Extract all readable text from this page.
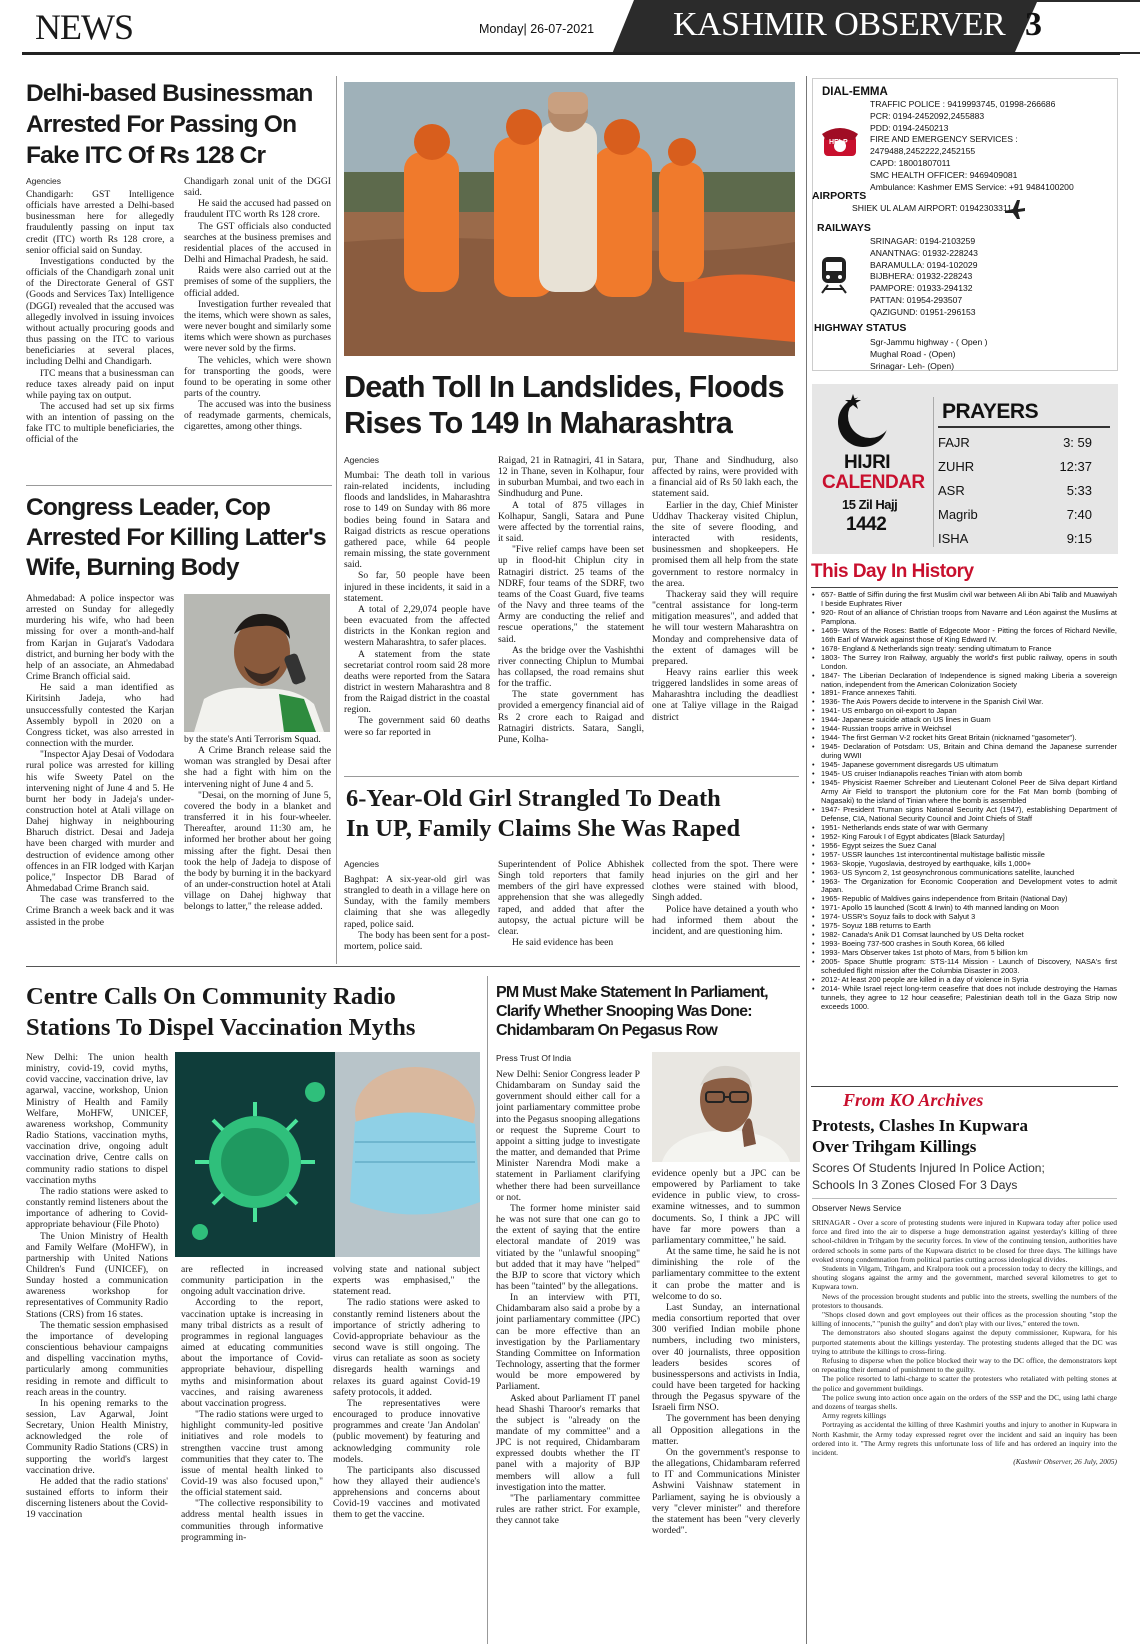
NEWS	Monday| 26-07-2021 KASHMIR OBSERVER 3
Delhi-based Businessman
Arrested For Passing On
Fake ITC Of Rs 128 Cr
Agencies

Chandigarh: GST Intelligence officials have arrested a Delhi-based businessman here for allegedly fraudulently passing on input tax credit (ITC) worth Rs 128 crore, a senior official said on Sunday.

Investigations conducted by the officials of the Chandigarh zonal unit of the Directorate General of GST (Goods and Services Tax) Intelligence (DGGI) revealed that the accused was allegedly involved in issuing invoices without actually procuring goods and thus passing on the ITC to various beneficiaries at several places, including Delhi and Chandigarh.

ITC means that a businessman can reduce taxes already paid on input while paying tax on output.

The accused had set up six firms with an intention of passing on the fake ITC to multiple beneficiaries, the official of the

Chandigarh zonal unit of the DGGI said.

He said the accused had passed on fraudulent ITC worth Rs 128 crore.

The GST officials also conducted searches at the business premises and residential places of the accused in Delhi and Himachal Pradesh, he said.

Raids were also carried out at the premises of some of the suppliers, the official added.

Investigation further revealed that the items, which were shown as sales, were never bought and similarly some items which were shown as purchases were never sold by the firms.

The vehicles, which were shown for transporting the goods, were found to be operating in some other parts of the country.

The accused was into the business of readymade garments, chemicals, cigarettes, among other things.

Congress Leader, Cop
Arrested For Killing Latter's
Wife, Burning Body

Ahmedabad: A police inspector was arrested on Sunday for allegedly murdering his wife, who had been missing for over a month-and-half from Karjan in Gujarat's Vadodara district, and burning her body with the help of an associate, an Ahmedabad Crime Branch official said.

He said a man identified as Kiritsinh Jadeja, who had unsuccessfully contested the Karjan Assembly bypoll in 2020 on a Congress ticket, was also arrested in connection with the murder.

"Inspector Ajay Desai of Vododara rural police was arrested for killing his wife Sweety Patel on the intervening night of June 4 and 5. He burnt her body in Jadeja's under-construction hotel at Atali village on Dahej highway in neighbouring Bharuch district. Desai and Jadeja have been charged with murder and destruction of evidence among other offences in an FIR lodged with Karjan police," Inspector DB Barad of Ahmedabad Crime Branch said.

The case was transferred to the Crime Branch a week back and it was assisted in the probe

by the state's Anti Terrorism Squad.

A Crime Branch release said the woman was strangled by Desai after she had a fight with him on the intervening night of June 4 and 5.

"Desai, on the morning of June 5, covered the body in a blanket and transferred it in his four-wheeler. Thereafter, around 11:30 am, he informed her brother about her going missing after the fight. Desai then took the help of Jadeja to dispose of the body by burning it in the backyard of an under-construction hotel at Atali village on Dahej highway that belongs to latter," the release added.

Death Toll In Landslides, Floods
Rises To 149 In Maharashtra
Agencies

Mumbai: The death toll in various rain-related incidents, including floods and landslides, in Maharashtra rose to 149 on Sunday with 86 more bodies being found in Satara and Raigad districts as rescue operations gathered pace, while 64 people remain missing, the state government said.

So far, 50 people have been injured in these incidents, it said in a statement.

A total of 2,29,074 people have been evacuated from the affected districts in the Konkan region and western Maharashtra, to safer places.

A statement from the state secretariat control room said 28 more deaths were reported from the Satara district in western Maharashtra and 8 from the Raigad district in the coastal region.

The government said 60 deaths were so far reported in

Raigad, 21 in Ratnagiri, 41 in Satara, 12 in Thane, seven in Kolhapur, four in suburban Mumbai, and two each in Sindhudurg and Pune.

A total of 875 villages in Kolhapur, Sangli, Satara and Pune were affected by the torrential rains, it said.

"Five relief camps have been set up in flood-hit Chiplun city in Ratnagiri district. 25 teams of the NDRF, four teams of the SDRF, two teams of the Coast Guard, five teams of the Navy and three teams of the Army are conducting the relief and rescue operations," the statement said.

As the bridge over the Vashishthi river connecting Chiplun to Mumbai has collapsed, the road remains shut for the traffic.

The state government has provided a emergency financial aid of Rs 2 crore each to Raigad and Ratnagiri districts. Satara, Sangli, Pune, Kolha-

pur, Thane and Sindhudurg, also affected by rains, were provided with a financial aid of Rs 50 lakh each, the statement said.

Earlier in the day, Chief Minister Uddhav Thackeray visited Chiplun, the site of severe flooding, and interacted with residents, businessmen and shopkeepers. He promised them all help from the state government to restore normalcy in the area.

Thackeray said they will require "central assistance for long-term mitigation measures", and added that he will tour western Maharashtra on Monday and comprehensive data of the extent of damages will be prepared.

Heavy rains earlier this week triggered landslides in some areas of Maharashtra including the deadliest one at Taliye village in the Raigad district

6-Year-Old Girl Strangled To Death
In UP, Family Claims She Was Raped
Agencies

Baghpat: A six-year-old girl was strangled to death in a village here on Sunday, with the family members claiming that she was allegedly raped, police said.

The body has been sent for a post-mortem, police said.

Superintendent of Police Abhishek Singh told reporters that family members of the girl have expressed apprehension that she was allegedly raped, and added that after the autopsy, the actual picture will be clear.

He said evidence has been

collected from the spot. There were head injuries on the girl and her clothes were stained with blood, Singh added.

Police have detained a youth who had informed them about the incident, and are questioning him.

Centre Calls On Community Radio
Stations To Dispel Vaccination Myths

New Delhi: The union health ministry, covid-19, covid myths, covid vaccine, vaccination drive, lav agarwal, vaccine, workshop, Union Ministry of Health and Family Welfare, MoHFW, UNICEF, awareness workshop, Community Radio Stations, vaccination myths, vaccination drive, ongoing adult vaccination drive, Centre calls on community radio stations to dispel vaccination myths

The radio stations were asked to constantly remind listeners about the importance of adhering to Covid-appropriate behaviour (File Photo)

The Union Ministry of Health and Family Welfare (MoHFW), in partnership with United Nations Children's Fund (UNICEF), on Sunday hosted a communication awareness workshop for representatives of Community Radio Stations (CRS) from 16 states.

The thematic session emphasised the importance of developing conscientious behaviour campaigns and dispelling vaccination myths, particularly among communities residing in remote and difficult to reach areas in the country.

In his opening remarks to the session, Lav Agarwal, Joint Secretary, Union Health Ministry, acknowledged the role of Community Radio Stations (CRS) in supporting the world's largest vaccination drive.

He added that the radio stations' sustained efforts to inform their discerning listeners about the Covid-19 vaccination

are reflected in increased community participation in the ongoing adult vaccination drive.

According to the report, vaccination uptake is increasing in many tribal districts as a result of programmes in regional languages aimed at educating communities about the importance of Covid-appropriate behaviour, dispelling myths and misinformation about vaccines, and raising awareness about vaccination progress.

"The radio stations were urged to highlight community-led positive initiatives and role models to strengthen vaccine trust among communities that they cater to. The issue of mental health linked to Covid-19 was also focused upon," the official statement said.

"The collective responsibility to address mental health issues in communities through informative programming in-

volving state and national subject experts was emphasised," the statement read.

The radio stations were asked to constantly remind listeners about the importance of strictly adhering to Covid-appropriate behaviour as the second wave is still ongoing. The virus can retaliate as soon as society disregards health warnings and relaxes its guard against Covid-19 safety protocols, it added.

The representatives were encouraged to produce innovative programmes and create 'Jan Andolan' (public movement) by featuring and acknowledging community role models.

The participants also discussed how they allayed their audience's apprehensions and concerns about Covid-19 vaccines and motivated them to get the vaccine.

PM Must Make Statement In Parliament,
Clarify Whether Snooping Was Done:
Chidambaram On Pegasus Row
Press Trust Of India

New Delhi: Senior Congress leader P Chidambaram on Sunday said the government should either call for a joint parliamentary committee probe into the Pegasus snooping allegations or request the Supreme Court to appoint a sitting judge to investigate the matter, and demanded that Prime Minister Narendra Modi make a statement in Parliament clarifying whether there had been surveillance or not.

The former home minister said he was not sure that one can go to the extent of saying that the entire electoral mandate of 2019 was vitiated by the "unlawful snooping" but added that it may have "helped" the BJP to score that victory which has been "tainted" by the allegations.

In an interview with PTI, Chidambaram also said a probe by a joint parliamentary committee (JPC) can be more effective than an investigation by the Parliamentary Standing Committee on Information Technology, asserting that the former would be more empowered by Parliament.

Asked about Parliament IT panel head Shashi Tharoor's remarks that the subject is "already on the mandate of my committee" and a JPC is not required, Chidambaram expressed doubts whether the IT panel with a majority of BJP members will allow a full investigation into the matter.

"The parliamentary committee rules are rather strict. For example, they cannot take

evidence openly but a JPC can be empowered by Parliament to take evidence in public view, to cross-examine witnesses, and to summon documents. So, I think a JPC will have far more powers than a parliamentary committee," he said.

At the same time, he said he is not diminishing the role of the parliamentary committee to the extent it can probe the matter and is welcome to do so.

Last Sunday, an international media consortium reported that over 300 verified Indian mobile phone numbers, including two ministers, over 40 journalists, three opposition leaders besides scores of businesspersons and activists in India, could have been targeted for hacking through the Pegasus spyware of the Israeli firm NSO.

The government has been denying all Opposition allegations in the matter.

On the government's response to the allegations, Chidambaram referred to IT and Communications Minister Ashwini Vaishnaw statement in Parliament, saying he is obviously a very "clever minister" and therefore the statement has been "very cleverly worded".

DIAL-EMMA
HELP
TRAFFIC POLICE : 9419993745, 01998-266686
PCR: 0194-2452092,2455883
PDD: 0194-2450213
FIRE AND EMERGENCY SERVICES :
2479488,2452222,2452155
CAPD: 18001807011
SMC HEALTH OFFICER: 9469409081
Ambulance: Kashmer EMS Service: +91 9484100200
AIRPORTS
SHIEK UL ALAM AIRPORT: 01942303311
RAILWAYS
SRINAGAR: 0194-2103259
ANANTNAG: 01932-228243
BARAMULLA: 0194-102029
BIJBHERA: 01932-228243
PAMPORE: 01933-294132
PATTAN: 01954-293507
QAZIGUND: 01951-296153
HIGHWAY STATUS
Sgr-Jammu highway - ( Open )
Mughal Road - (Open)
Srinagar- Leh- (Open)
HIJRI
CALENDAR
15 Zil Hajj
1442
PRAYERS
FAJR	3: 59
ZUHR	12:37
ASR	5:33
Magrib	7:40
ISHA	9:15
This Day In History
• 657- Battle of Siffin during the first Muslim civil war between Ali ibn Abi Talib and Muawiyah I beside Euphrates River
• 920- Rout of an alliance of Christian troops from Navarre and Léon against the Muslims at Pamplona.
• 1469- Wars of the Roses: Battle of Edgecote Moor - Pitting the forces of Richard Neville, 16th Earl of Warwick against those of King Edward IV.
• 1678- England & Netherlands sign treaty: sending ultimatum to France
• 1803- The Surrey Iron Railway, arguably the world's first public railway, opens in south London.
• 1847- The Liberian Declaration of Independence is signed making Liberia a sovereign nation, independent from the American Colonization Society
• 1891- France annexes Tahiti.
• 1936- The Axis Powers decide to intervene in the Spanish Civil War.
• 1941- US embargo on oil-export to Japan
• 1944- Japanese suicide attack on US lines in Guam
• 1944- Russian troops arrive in Weichsel
• 1944- The first German V-2 rocket hits Great Britain (nicknamed "gasometer").
• 1945- Declaration of Potsdam: US, Britain and China demand the Japanese surrender during WWII
• 1945- Japanese government disregards US ultimatum
• 1945- US cruiser Indianapolis reaches Tinian with atom bomb
• 1945- Physicist Raemer Schreiber and Lieutenant Colonel Peer de Silva depart Kirtland Army Air Field to transport the plutonium core for the Fat Man bomb (bombing of Nagasaki) to the island of Tinian where the bomb is assembled
• 1947- President Truman signs National Security Act (1947), establishing Department of Defense, CIA, National Security Council and Joint Chiefs of Staff
• 1951- Netherlands ends state of war with Germany
• 1952- King Farouk I of Egypt abdicates [Black Saturday]
• 1956- Egypt seizes the Suez Canal
• 1957- USSR launches 1st intercontinental multistage ballistic missile
• 1963- Skopje, Yugoslavia, destroyed by earthquake, kills 1,000+
• 1963- US Syncom 2, 1st geosynchronous communications satellite, launched
• 1963- The Organization for Economic Cooperation and Development votes to admit Japan.
• 1965- Republic of Maldives gains independence from Britain (National Day)
• 1971- Apollo 15 launched (Scott & Irwin) to 4th manned landing on Moon
• 1974- USSR's Soyuz fails to dock with Salyut 3
• 1975- Soyuz 18B returns to Earth
• 1982- Canada's Anik D1 Comsat launched by US Delta rocket
• 1993- Boeing 737-500 crashes in South Korea, 66 killed
• 1993- Mars Observer takes 1st photo of Mars, from 5 billion km
• 2005- Space Shuttle program: STS-114 Mission - Launch of Discovery, NASA's first scheduled flight mission after the Columbia Disaster in 2003.
• 2012- At least 200 people are killed in a day of violence in Syria
• 2014- While Israel reject long-term ceasefire that does not include destroying the Hamas tunnels, they agree to 12 hour ceasefire; Palestinian death toll in the Gaza Strip now exceeds 1000.
From KO Archives
Protests, Clashes In Kupwara
Over Trihgam Killings
Scores Of Students Injured In Police Action;
Schools In 3 Zones Closed For 3 Days
Observer News Service

SRINAGAR - Over a score of protesting students were injured in Kupwara today after police used force and fired into the air to disperse a huge demonstration against yesterday's killing of three school-children in Trihgam by the security forces. In view of the continuing tension, authorities have ordered schools in some parts of the Kupwara district to be closed for three days. The killings have evoked strong condemnation from political parties cutting across ideological divides.

Students in Vilgam, Trihgam, and Kralpora took out a procession today to decry the killings, and shouting slogans against the army and the government, marched several kilometres to get to Kupwara town.

News of the procession brought students and public into the streets, swelling the numbers of the protestors to thousands.

"Shops closed down and govt employees out their offices as the procession shouting "stop the killing of innocents," "punish the guilty" and don't play with our lives," entered the town.

The demonstrators also shouted slogans against the deputy commissioner, Kupwara, for his purported statements about the killings yesterday. The protesting students alleged that the DC was trying to attribute the killings to cross-firing.

Refusing to disperse when the police blocked their way to the DC office, the demonstrators kept on repeating their demand of punishment to the guilty.

The police resorted to lathi-charge to scatter the protesters who retaliated with pelting stones at the police and government buildings.

The police swung into action once again on the orders of the SSP and the DC, using lathi charge and dozens of teargas shells.

Army regrets killings

Portraying as accidental the killing of three Kashmiri youths and injury to another in Kupwara in North Kashmir, the Army today expressed regret over the incident and said an inquiry has been ordered into it. "The Army regrets this unfortunate loss of life and has ordered an inquiry into the incident.

(Kashmir Observer, 26 July, 2005)
